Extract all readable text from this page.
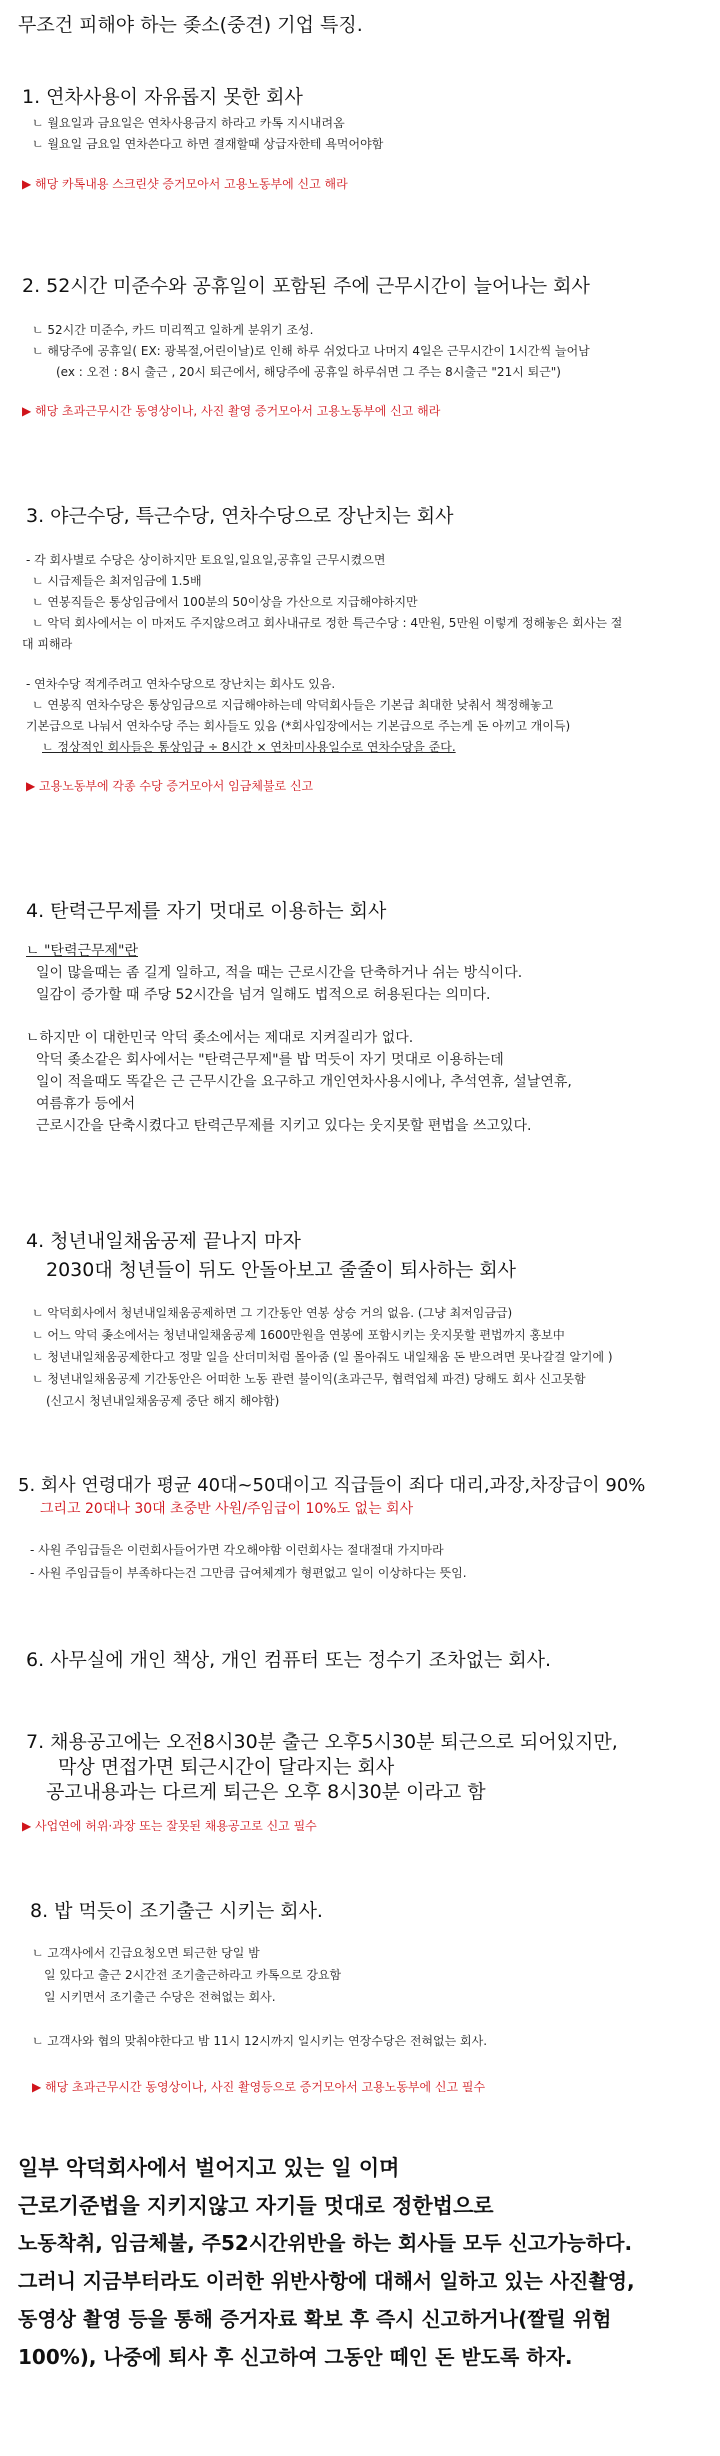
무조건 피해야 하는 좆소(중견) 기업 특징.
1. 연차사용이 자유롭지 못한 회사
ㄴ 월요일과 금요일은 연차사용금지 하라고 카톡 지시내려옴
ㄴ 월요일 금요일 연차쓴다고 하면 결재할때 상급자한테 욕먹어야함
▶ 해당 카톡내용 스크린샷 증거모아서 고용노동부에 신고 해라
2. 52시간 미준수와 공휴일이 포함된 주에 근무시간이 늘어나는 회사
ㄴ 52시간 미준수, 카드 미리찍고 일하게 분위기 조성.
ㄴ 해당주에 공휴일( EX: 광복절,어린이날)로 인해 하루 쉬었다고 나머지 4일은 근무시간이 1시간씩 늘어남
(ex : 오전 : 8시 출근 , 20시 퇴근에서, 해당주에 공휴일 하루쉬면 그 주는 8시출근 "21시 퇴근")
▶ 해당 초과근무시간 동영상이나, 사진 촬영 증거모아서 고용노동부에 신고 해라
3. 야근수당, 특근수당, 연차수당으로 장난치는 회사
- 각 회사별로 수당은 상이하지만 토요일,일요일,공휴일 근무시켰으면
ㄴ 시급제들은 최저임금에 1.5배
ㄴ 연봉직들은 통상임금에서 100분의 50이상을 가산으로 지급해야하지만
ㄴ 악덕 회사에서는 이 마저도 주지않으려고 회사내규로 정한 특근수당 : 4만원, 5만원 이렇게 정해놓은 회사는 절
대 피해라
- 연차수당 적게주려고 연차수당으로 장난치는 회사도 있음.
ㄴ 연봉직 연차수당은 통상임금으로 지급해야하는데 악덕회사들은 기본급 최대한 낮춰서 책정해놓고
기본급으로 나눠서 연차수당 주는 회사들도 있음 (*회사입장에서는 기본급으로 주는게 돈 아끼고 개이득)
ㄴ 정상적인 회사들은 통상임금 ÷ 8시간 × 연차미사용일수로 연차수당을 준다.
▶ 고용노동부에 각종 수당 증거모아서 임금체불로 신고
4. 탄력근무제를 자기 멋대로 이용하는 회사
ㄴ "탄력근무제"란
일이 많을때는 좀 길게 일하고, 적을 때는 근로시간을 단축하거나 쉬는 방식이다.
일감이 증가할 때 주당 52시간을 넘겨 일해도 법적으로 허용된다는 의미다.
ㄴ하지만 이 대한민국 악덕 좆소에서는 제대로 지켜질리가 없다.
악덕 좆소같은 회사에서는 "탄력근무제"를 밥 먹듯이 자기 멋대로 이용하는데
일이 적을때도 똑같은 근 근무시간을 요구하고 개인연차사용시에나, 추석연휴, 설날연휴,
여름휴가 등에서
근로시간을 단축시켰다고 탄력근무제를 지키고 있다는 웃지못할 편법을 쓰고있다.
4. 청년내일채움공제 끝나지 마자
2030대 청년들이 뒤도 안돌아보고 줄줄이 퇴사하는 회사
ㄴ 악덕회사에서 청년내일채움공제하면 그 기간동안 연봉 상승 거의 없음. (그냥 최저임금급)
ㄴ 어느 악덕 좆소에서는 청년내일채움공제 1600만원을 연봉에 포함시키는 웃지못할 편법까지 홍보中
ㄴ 청년내일채움공제한다고 정말 일을 산더미처럼 몰아줌 (일 몰아줘도 내일채움 돈 받으려면 못나갈걸 알기에 )
ㄴ 청년내일채움공제 기간동안은 어떠한 노동 관련 불이익(초과근무, 협력업체 파견) 당해도 회사 신고못함
(신고시 청년내일채움공제 중단 해지 해야함)
5. 회사 연령대가 평균 40대~50대이고 직급들이 죄다 대리,과장,차장급이 90%
그리고 20대나 30대 초중반 사원/주임급이 10%도 없는 회사
- 사원 주임급들은 이런회사들어가면 각오해야함 이런회사는 절대절대 가지마라
- 사원 주임급들이 부족하다는건 그만큼 급여체계가 형편없고 일이 이상하다는 뜻임.
6. 사무실에 개인 책상, 개인 컴퓨터 또는 정수기 조차없는 회사.
7. 채용공고에는 오전8시30분 출근 오후5시30분 퇴근으로 되어있지만,
막상 면접가면 퇴근시간이 달라지는 회사
공고내용과는 다르게 퇴근은 오후 8시30분 이라고 함
▶ 사업연에 허위·과장 또는 잘못된 채용공고로 신고 필수
8. 밥 먹듯이 조기출근 시키는 회사.
ㄴ 고객사에서 긴급요청오면 퇴근한 당일 밤
일 있다고 출근 2시간전 조기출근하라고 카톡으로 강요함
일 시키면서 조기출근 수당은 전혀없는 회사.
ㄴ 고객사와 협의 맞춰야한다고 밤 11시 12시까지 일시키는 연장수당은 전혀없는 회사.
▶ 해당 초과근무시간 동영상이나, 사진 촬영등으로 증거모아서 고용노동부에 신고 필수
일부 악덕회사에서 벌어지고 있는 일 이며
근로기준법을 지키지않고 자기들 멋대로 정한법으로
노동착취, 임금체불, 주52시간위반을 하는 회사들 모두 신고가능하다.
그러니 지금부터라도 이러한 위반사항에 대해서 일하고 있는 사진촬영,
동영상 촬영 등을 통해 증거자료 확보 후 즉시 신고하거나(짤릴 위험
100%), 나중에 퇴사 후 신고하여 그동안 떼인 돈 받도록 하자.
